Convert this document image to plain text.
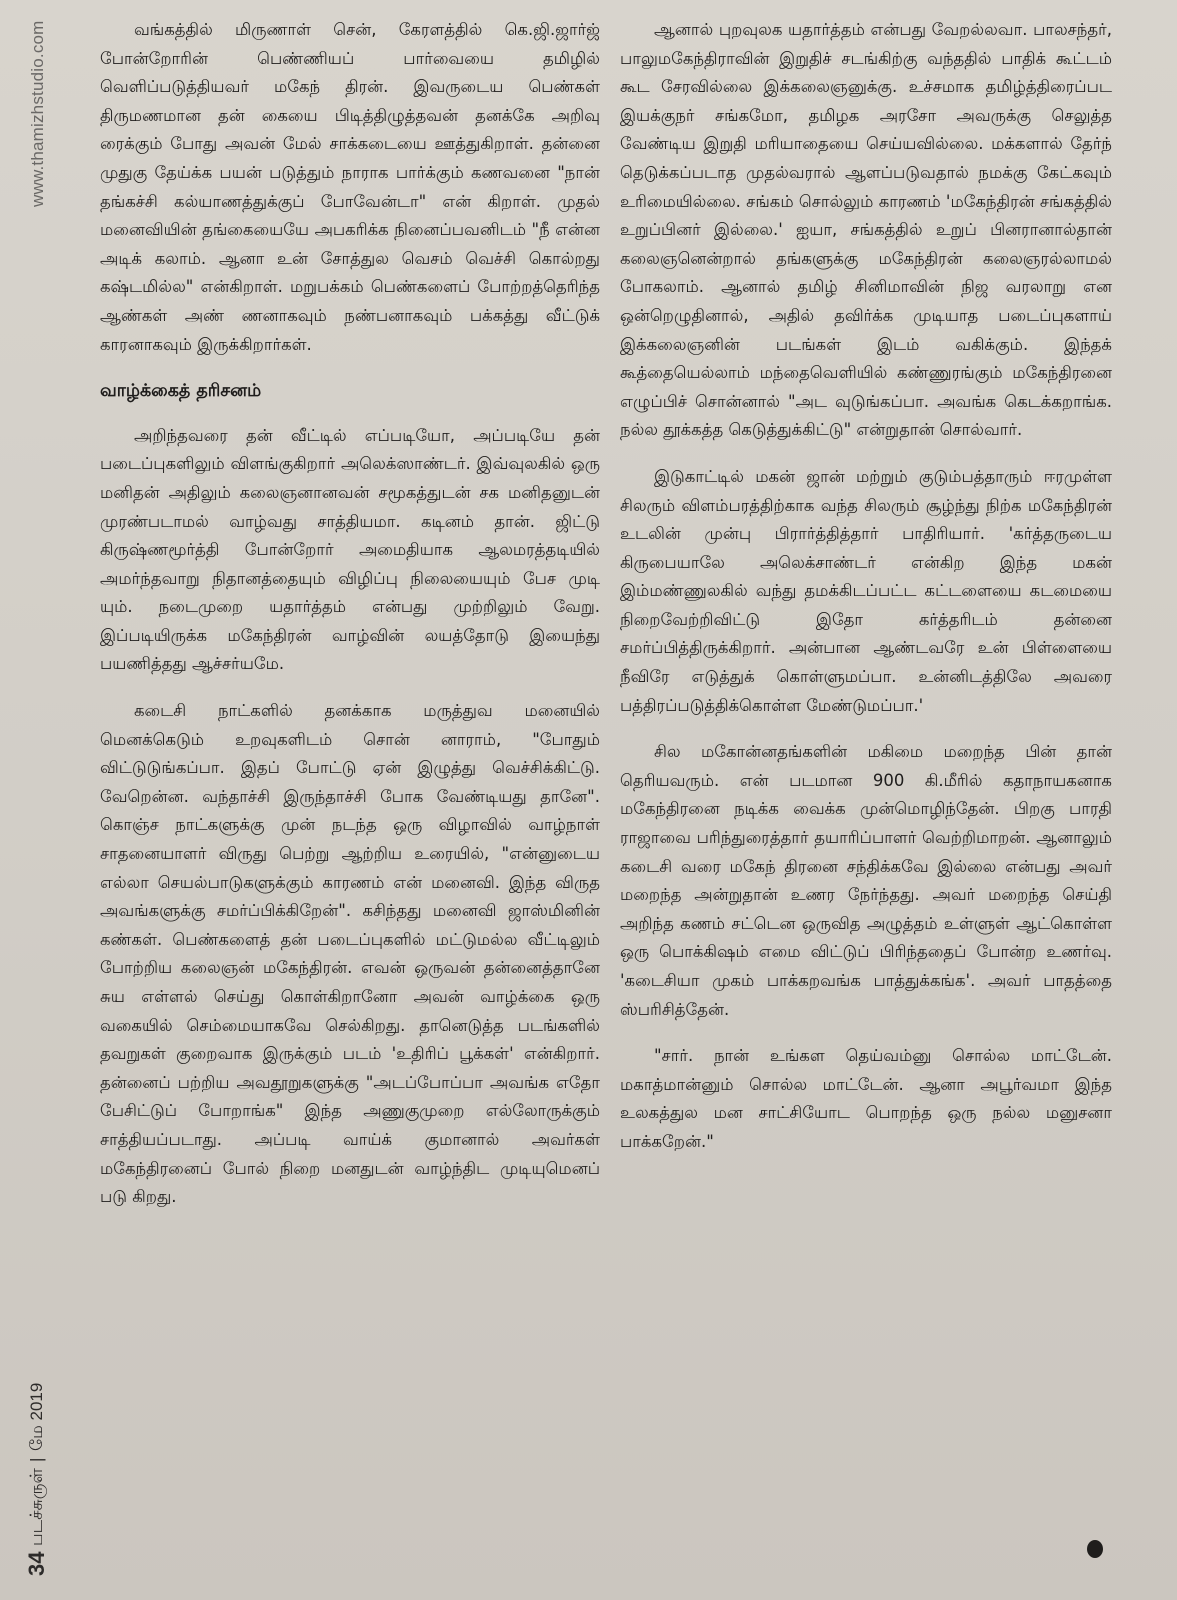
www.thamizhstudio.com
34
படச்சுருள்
|
மே 2019

வங்கத்தில் மிருணாள் சென், கேரளத்தில் கெ.ஜி.ஜார்ஜ் போன்றோரின் பெண்ணியப் பார்வையை தமிழில் வெளிப்படுத்தியவர் மகேந் திரன். இவருடைய பெண்கள் திருமணமான தன் கையை பிடித்திழுத்தவன் தனக்கே அறிவு ரைக்கும் போது அவன் மேல் சாக்கடையை ஊத்துகிறாள். தன்னை முதுகு தேய்க்க பயன் படுத்தும் நாராக பார்க்கும் கணவனை "நான் தங்கச்சி கல்யாணத்துக்குப் போவேன்டா" என் கிறாள். முதல் மனைவியின் தங்கையையே அபகரிக்க நினைப்பவனிடம் "நீ என்ன அடிக் கலாம். ஆனா உன் சோத்துல வெசம் வெச்சி கொல்றது கஷ்டமில்ல" என்கிறாள். மறுபக்கம் பெண்களைப் போற்றத்தெரிந்த ஆண்கள் அண் ணனாகவும் நண்பனாகவும் பக்கத்து வீட்டுக் காரனாகவும் இருக்கிறார்கள்.

வாழ்க்கைத் தரிசனம்

அறிந்தவரை தன் வீட்டில் எப்படியோ, அப்படியே தன் படைப்புகளிலும் விளங்குகிறார் அலெக்ஸாண்டர். இவ்வுலகில் ஒரு மனிதன் அதிலும் கலைஞனானவன் சமூகத்துடன் சக மனிதனுடன் முரண்படாமல் வாழ்வது சாத்தியமா. கடினம் தான். ஜிட்டு கிருஷ்ணமூர்த்தி போன்றோர் அமைதியாக ஆலமரத்தடியில் அமர்ந்தவாறு நிதானத்தையும் விழிப்பு நிலையையும் பேச முடி யும். நடைமுறை யதார்த்தம் என்பது முற்றிலும் வேறு. இப்படியிருக்க மகேந்திரன் வாழ்வின் லயத்தோடு இயைந்து பயணித்தது ஆச்சர்யமே.

கடைசி நாட்களில் தனக்காக மருத்துவ மனையில் மெனக்கெடும் உறவுகளிடம் சொன் னாராம், "போதும் விட்டுடுங்கப்பா. இதப் போட்டு ஏன் இழுத்து வெச்சிக்கிட்டு. வேறென்ன. வந்தாச்சி இருந்தாச்சி போக வேண்டியது தானே". கொஞ்ச நாட்களுக்கு முன் நடந்த ஒரு விழாவில் வாழ்நாள் சாதனையாளர் விருது பெற்று ஆற்றிய உரையில், "என்னுடைய எல்லா செயல்பாடுகளுக்கும் காரணம் என் மனைவி. இந்த விருத அவங்களுக்கு சமர்ப்பிக்கிறேன்". கசிந்தது மனைவி ஜாஸ்மினின் கண்கள். பெண்களைத் தன் படைப்புகளில் மட்டுமல்ல வீட்டிலும் போற்றிய கலைஞன் மகேந்திரன். எவன் ஒருவன் தன்னைத்தானே சுய எள்ளல் செய்து கொள்கிறானோ அவன் வாழ்க்கை ஒரு வகையில் செம்மையாகவே செல்கிறது. தானெடுத்த படங்களில் தவறுகள் குறைவாக இருக்கும் படம் 'உதிரிப் பூக்கள்' என்கிறார். தன்னைப் பற்றிய அவதூறுகளுக்கு "அடப்போப்பா அவங்க எதோ பேசிட்டுப் போறாங்க" இந்த அணுகுமுறை எல்லோருக்கும் சாத்தியப்படாது. அப்படி வாய்க் குமானால் அவர்கள் மகேந்திரனைப் போல் நிறை மனதுடன் வாழ்ந்திட முடியுமெனப் படு கிறது.

ஆனால் புறவுலக யதார்த்தம் என்பது வேறல்லவா. பாலசந்தர், பாலுமகேந்திராவின் இறுதிச் சடங்கிற்கு வந்ததில் பாதிக் கூட்டம் கூட சேரவில்லை இக்கலைஞனுக்கு. உச்சமாக தமிழ்த்திரைப்பட இயக்குநர் சங்கமோ, தமிழக அரசோ அவருக்கு செலுத்த வேண்டிய இறுதி மரியாதையை செய்யவில்லை. மக்களால் தேர்ந் தெடுக்கப்படாத முதல்வரால் ஆளப்படுவதால் நமக்கு கேட்கவும் உரிமையில்லை. சங்கம் சொல்லும் காரணம் 'மகேந்திரன் சங்கத்தில் உறுப்பினர் இல்லை.' ஐயா, சங்கத்தில் உறுப் பினரானால்தான் கலைஞனென்றால் தங்களுக்கு மகேந்திரன் கலைஞரல்லாமல் போகலாம். ஆனால் தமிழ் சினிமாவின் நிஜ வரலாறு என ஒன்றெழுதினால், அதில் தவிர்க்க முடியாத படைப்புகளாய் இக்கலைஞனின் படங்கள் இடம் வகிக்கும். இந்தக் கூத்தையெல்லாம் மந்தைவெளியில் கண்ணுரங்கும் மகேந்திரனை எழுப்பிச் சொன்னால் "அட வுடுங்கப்பா. அவங்க கெடக்கறாங்க. நல்ல தூக்கத்த கெடுத்துக்கிட்டு" என்றுதான் சொல்வார்.

இடுகாட்டில் மகன் ஜான் மற்றும் குடும்பத்தாரும் ஈரமுள்ள சிலரும் விளம்பரத்திற்காக வந்த சிலரும் சூழ்ந்து நிற்க மகேந்திரன் உடலின் முன்பு பிரார்த்தித்தார் பாதிரியார். 'கர்த்தருடைய கிருபையாலே அலெக்சாண்டர் என்கிற இந்த மகன் இம்மண்ணுலகில் வந்து தமக்கிடப்பட்ட கட்டளையை கடமையை நிறைவேற்றிவிட்டு இதோ கர்த்தரிடம் தன்னை சமர்ப்பித்திருக்கிறார். அன்பான ஆண்டவரே உன் பிள்ளையை நீவிரே எடுத்துக் கொள்ளுமப்பா. உன்னிடத்திலே அவரை பத்திரப்படுத்திக்கொள்ள மேண்டுமப்பா.'

சில மகோன்னதங்களின் மகிமை மறைந்த பின் தான் தெரியவரும். என் படமான 900 கி.மீரில் கதாநாயகனாக மகேந்திரனை நடிக்க வைக்க முன்மொழிந்தேன். பிறகு பாரதி ராஜாவை பரிந்துரைத்தார் தயாரிப்பாளர் வெற்றிமாறன். ஆனாலும் கடைசி வரை மகேந் திரனை சந்திக்கவே இல்லை என்பது அவர் மறைந்த அன்றுதான் உணர நேர்ந்தது. அவர் மறைந்த செய்தி அறிந்த கணம் சட்டென ஒருவித அழுத்தம் உள்ளுள் ஆட்கொள்ள ஒரு பொக்கிஷம் எமை விட்டுப் பிரிந்ததைப் போன்ற உணர்வு. 'கடைசியா முகம் பாக்கறவங்க பாத்துக்கங்க'. அவர் பாதத்தை ஸ்பரிசித்தேன்.

"சார். நான் உங்கள தெய்வம்னு சொல்ல மாட்டேன். மகாத்மான்னும் சொல்ல மாட்டேன். ஆனா அபூர்வமா இந்த உலகத்துல மன சாட்சியோட பொறந்த ஒரு நல்ல மனுசனா பாக்கறேன்."
